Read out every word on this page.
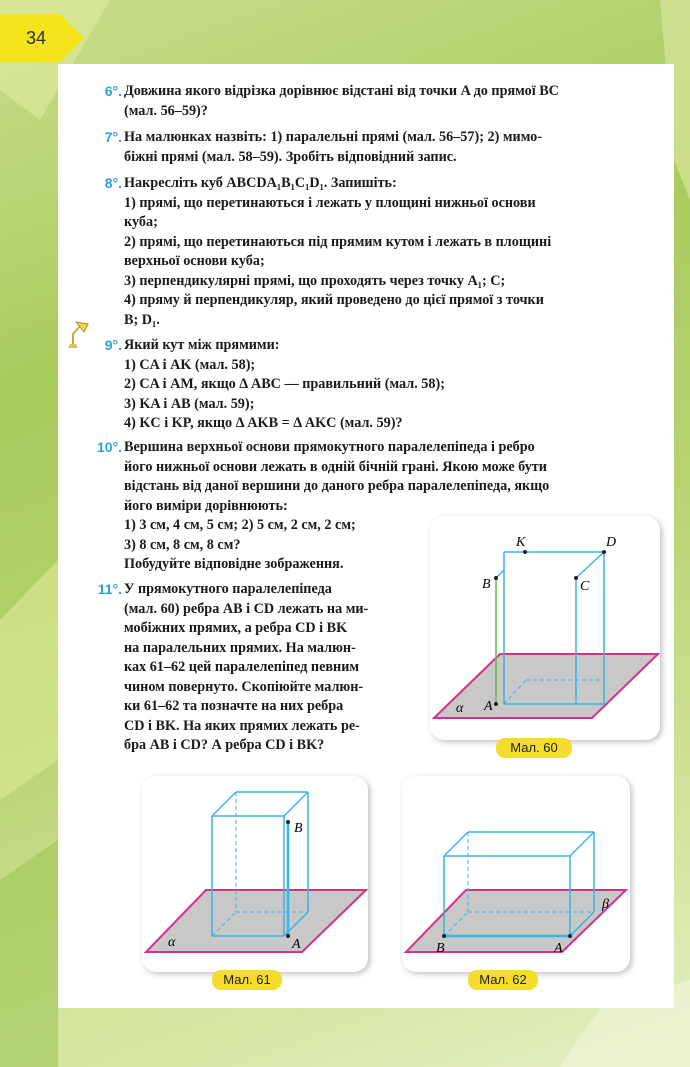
34
6°. Довжина якого відрізка дорівнює відстані від точки A до прямої BC
(мал. 56–59)?
7°. На малюнках назвіть: 1) паралельні прямі (мал. 56–57); 2) мимо-
біжні прямі (мал. 58–59). Зробіть відповідний запис.
8°. Накресліть куб ABCDA₁B₁C₁D₁. Запишіть:
1) прямі, що перетинаються і лежать у площині нижньої основи
куба;
2) прямі, що перетинаються під прямим кутом і лежать в площині
верхньої основи куба;
3) перпендикулярні прямі, що проходять через точку A₁; C;
4) пряму й перпендикуляр, який проведено до цієї прямої з точки
B; D₁.
9°. Який кут між прямими:
1) CA і AK (мал. 58);
2) CA і AM, якщо Δ ABC — правильний (мал. 58);
3) KA і AB (мал. 59);
4) KC і KP, якщо Δ AKB = Δ AKC (мал. 59)?
10°. Вершина верхньої основи прямокутного паралелепіпеда і ребро
його нижньої основи лежать в одній бічній грані. Якою може бути
відстань від даної вершини до даного ребра паралелепіпеда, якщо
його виміри дорівнюють:
1) 3 см, 4 см, 5 см; 2) 5 см, 2 см, 2 см;
3) 8 см, 8 см, 8 см?
Побудуйте відповідне зображення.
11°. У прямокутного паралелепіпеда
(мал. 60) ребра AB і CD лежать на ми-
мобіжних прямих, а ребра CD і BK
на паралельних прямих. На малюн-
ках 61–62 цей паралелепіпед певним
чином повернуто. Скопіюйте малюн-
ки 61–62 та позначте на них ребра
CD і BK. На яких прямих лежать ре-
бра AB і CD? А ребра CD і BK?
K	D
B	C
A
α
Мал. 60
B
A
α
Мал. 61
B	A
β
Мал. 62
